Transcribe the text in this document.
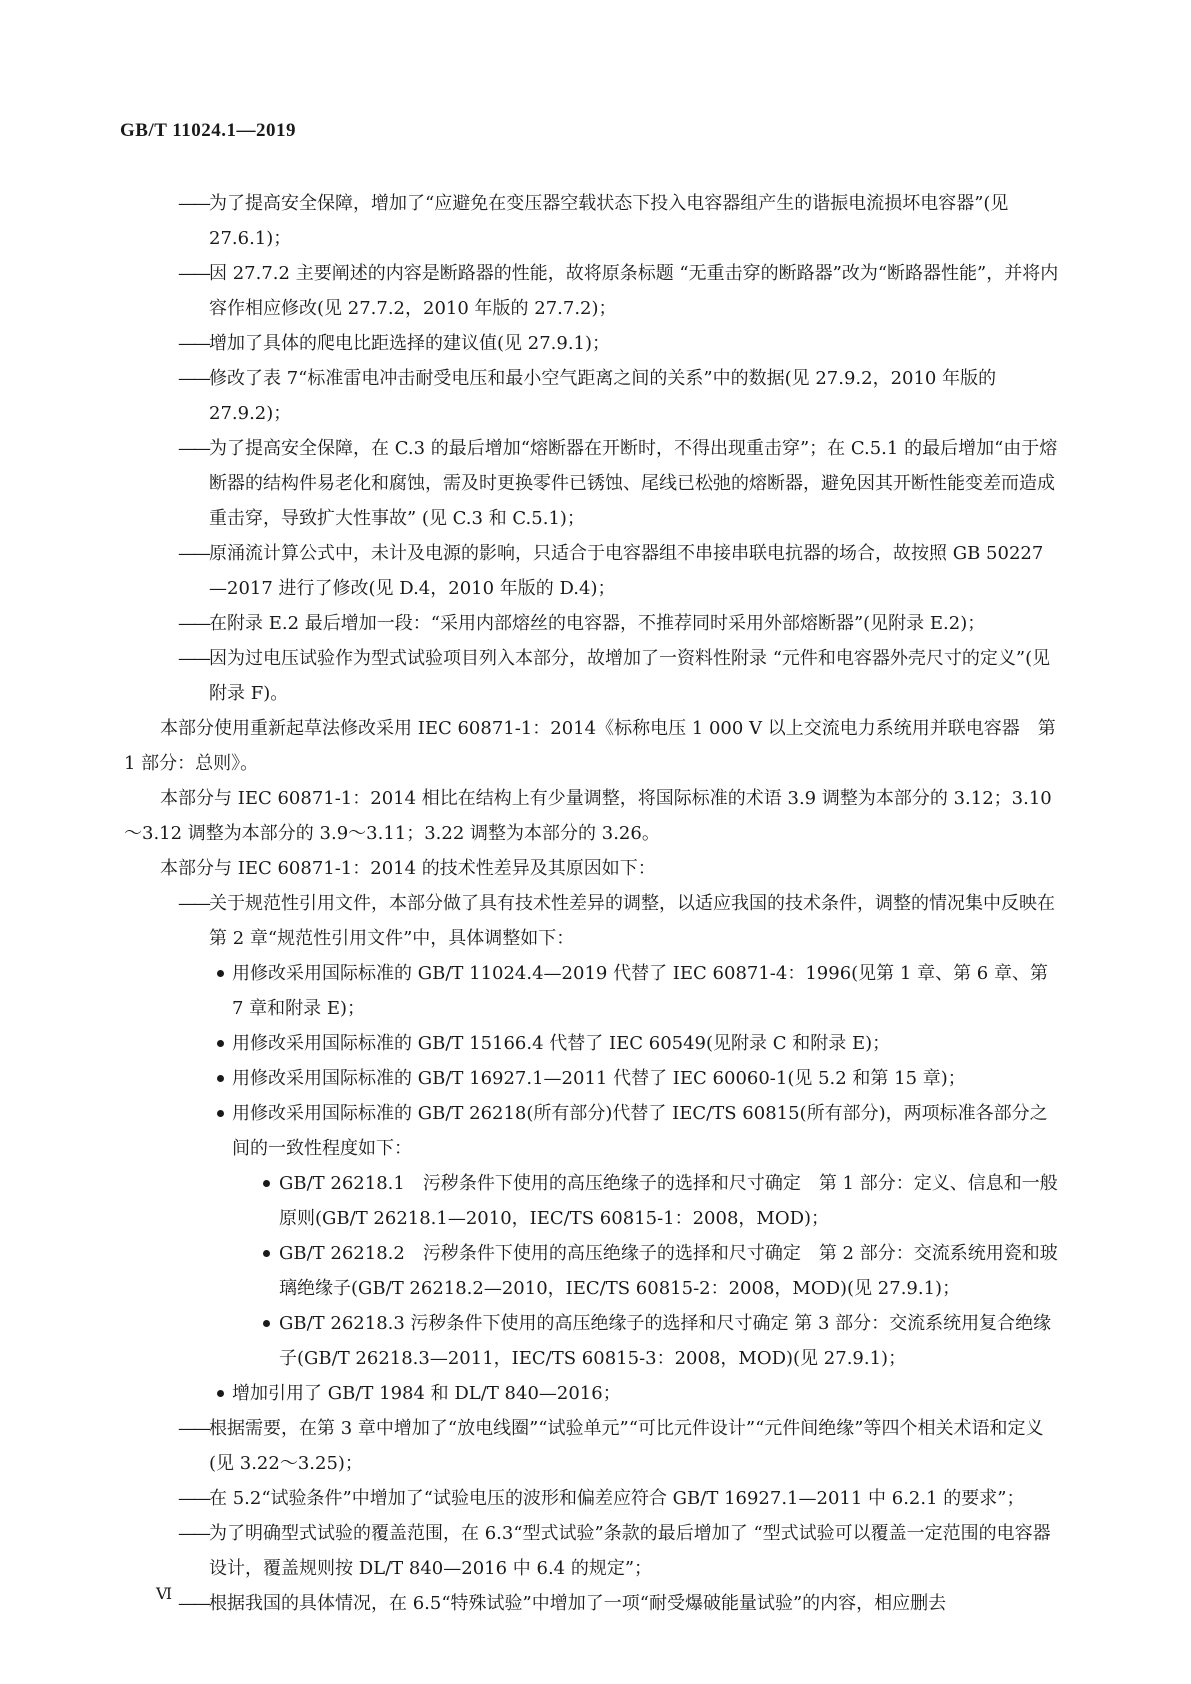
GB/T 11024.1—2019
—— 为了提高安全保障，增加了“应避免在变压器空载状态下投入电容器组产生的谐振电流损坏电容器”(见 27.6.1)；
—— 因 27.7.2 主要阐述的内容是断路器的性能，故将原条标题 “无重击穿的断路器”改为“断路器性能”，并将内容作相应修改(见 27.7.2，2010 年版的 27.7.2)；
—— 增加了具体的爬电比距选择的建议值(见 27.9.1)；
—— 修改了表 7“标准雷电冲击耐受电压和最小空气距离之间的关系”中的数据(见 27.9.2，2010 年版的 27.9.2)；
—— 为了提高安全保障，在 C.3 的最后增加“熔断器在开断时，不得出现重击穿”；在 C.5.1 的最后增加“由于熔断器的结构件易老化和腐蚀，需及时更换零件已锈蚀、尾线已松弛的熔断器，避免因其开断性能变差而造成重击穿，导致扩大性事故” (见 C.3 和 C.5.1)；
—— 原涌流计算公式中，未计及电源的影响，只适合于电容器组不串接串联电抗器的场合，故按照 GB 50227—2017 进行了修改(见 D.4，2010 年版的 D.4)；
—— 在附录 E.2 最后增加一段：“采用内部熔丝的电容器，不推荐同时采用外部熔断器”(见附录 E.2)；
—— 因为过电压试验作为型式试验项目列入本部分，故增加了一资料性附录 “元件和电容器外壳尺寸的定义”(见附录 F)。
本部分使用重新起草法修改采用 IEC 60871-1：2014《标称电压 1 000 V 以上交流电力系统用并联电容器　第 1 部分：总则》。
本部分与 IEC 60871-1：2014 相比在结构上有少量调整，将国际标准的术语 3.9 调整为本部分的 3.12；3.10～3.12 调整为本部分的 3.9～3.11；3.22 调整为本部分的 3.26。
本部分与 IEC 60871-1：2014 的技术性差异及其原因如下：
—— 关于规范性引用文件，本部分做了具有技术性差异的调整，以适应我国的技术条件，调整的情况集中反映在第 2 章“规范性引用文件”中，具体调整如下：
用修改采用国际标准的 GB/T 11024.4—2019 代替了 IEC 60871-4：1996(见第 1 章、第 6 章、第 7 章和附录 E)；
用修改采用国际标准的 GB/T 15166.4 代替了 IEC 60549(见附录 C 和附录 E)；
用修改采用国际标准的 GB/T 16927.1—2011 代替了 IEC 60060-1(见 5.2 和第 15 章)；
用修改采用国际标准的 GB/T 26218(所有部分)代替了 IEC/TS 60815(所有部分)，两项标准各部分之间的一致性程度如下：
GB/T 26218.1　污秽条件下使用的高压绝缘子的选择和尺寸确定　第 1 部分：定义、信息和一般原则(GB/T 26218.1—2010，IEC/TS 60815-1：2008，MOD)；
GB/T 26218.2　污秽条件下使用的高压绝缘子的选择和尺寸确定　第 2 部分：交流系统用瓷和玻璃绝缘子(GB/T 26218.2—2010，IEC/TS 60815-2：2008，MOD)(见 27.9.1)；
GB/T 26218.3 污秽条件下使用的高压绝缘子的选择和尺寸确定 第 3 部分：交流系统用复合绝缘子(GB/T 26218.3—2011，IEC/TS 60815-3：2008，MOD)(见 27.9.1)；
增加引用了 GB/T 1984 和 DL/T 840—2016；
—— 根据需要，在第 3 章中增加了“放电线圈”“试验单元”“可比元件设计”“元件间绝缘”等四个相关术语和定义(见 3.22～3.25)；
—— 在 5.2“试验条件”中增加了“试验电压的波形和偏差应符合 GB/T 16927.1—2011 中 6.2.1 的要求”；
—— 为了明确型式试验的覆盖范围，在 6.3“型式试验”条款的最后增加了 “型式试验可以覆盖一定范围的电容器设计，覆盖规则按 DL/T 840—2016 中 6.4 的规定”；
—— 根据我国的具体情况，在 6.5“特殊试验”中增加了一项“耐受爆破能量试验”的内容，相应删去
Ⅵ
